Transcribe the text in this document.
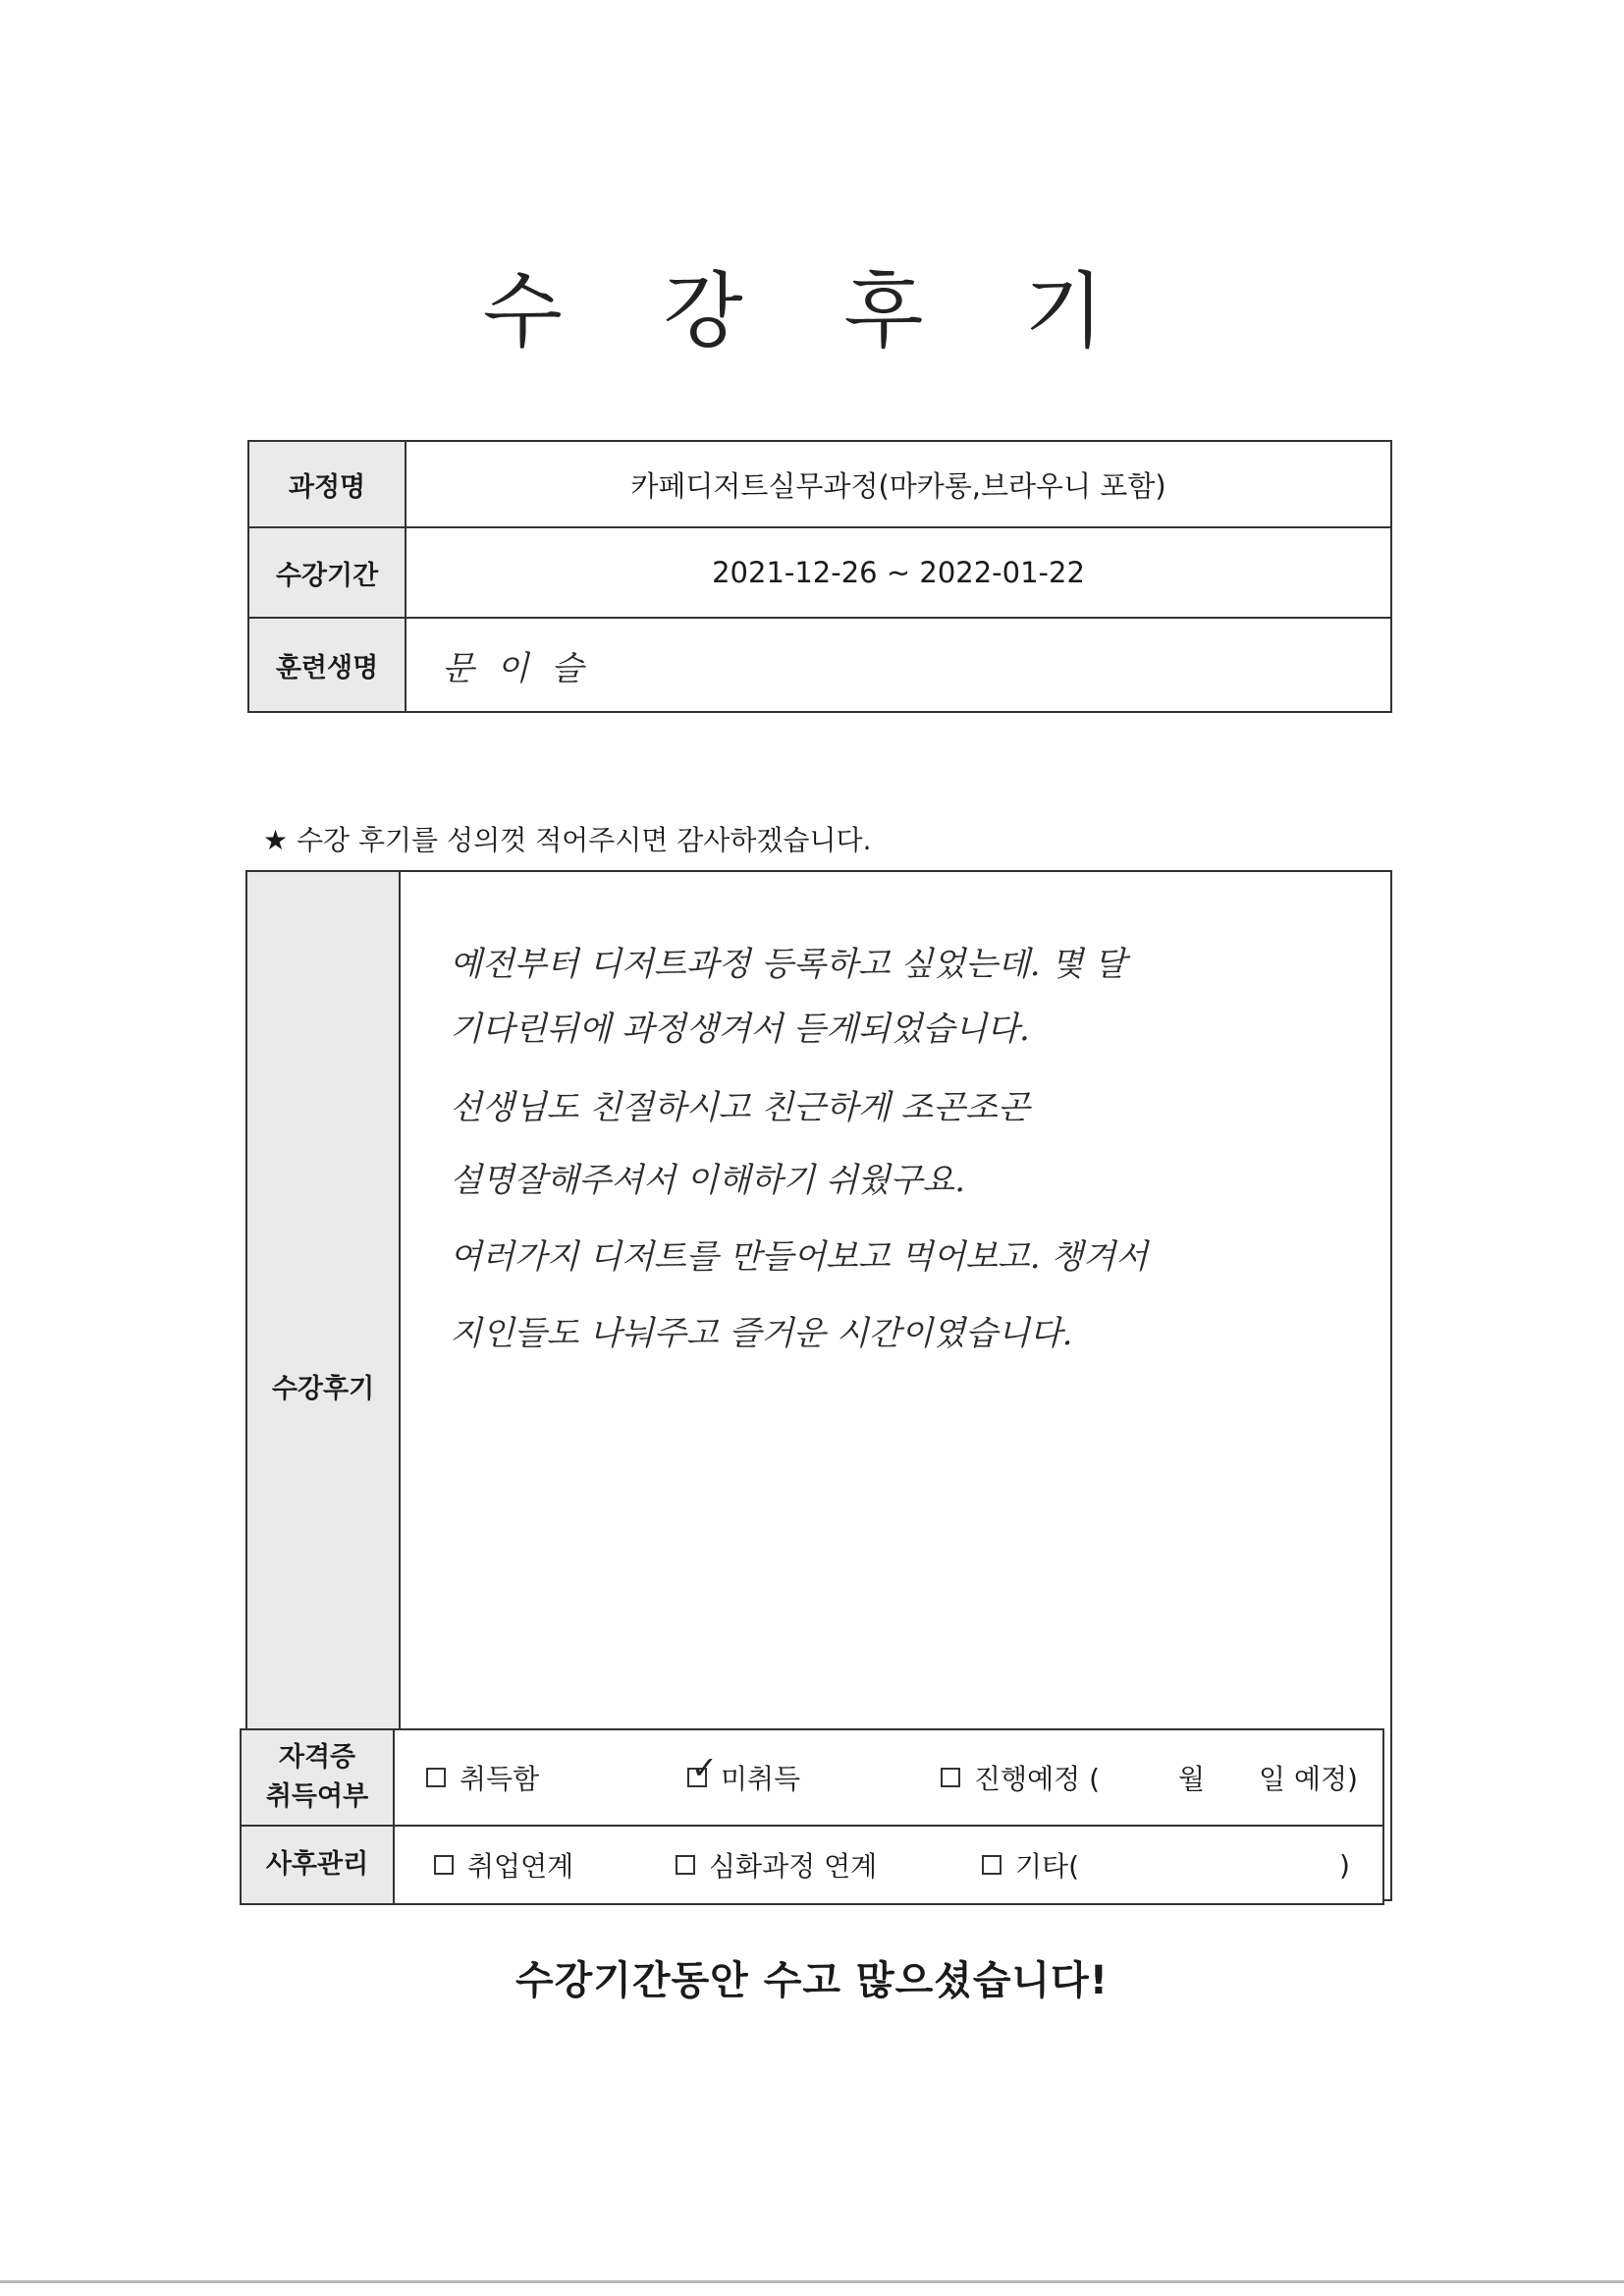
수 강 후 기
과정명	카페디저트실무과정(마카롱,브라우니 포함)
수강기간	2021-12-26 ~ 2022-01-22
훈련생명	문 이 슬
★ 수강 후기를 성의껏 적어주시면 감사하겠습니다.
수강후기
예전부터 디저트과정 등록하고 싶었는데. 몇 달
기다린뒤에 과정생겨서 듣게되었습니다.
선생님도 친절하시고 친근하게 조곤조곤
설명잘해주셔서 이해하기 쉬웠구요.
여러가지 디저트를 만들어보고 먹어보고. 챙겨서
지인들도 나눠주고 즐거운 시간이였습니다.
자격증
취득여부
취득함	✓ 미취득	진행예정 (	월 일 예정)
사후관리	취업연계	심화과정 연계	기타(	)
수강기간동안 수고 많으셨습니다!
